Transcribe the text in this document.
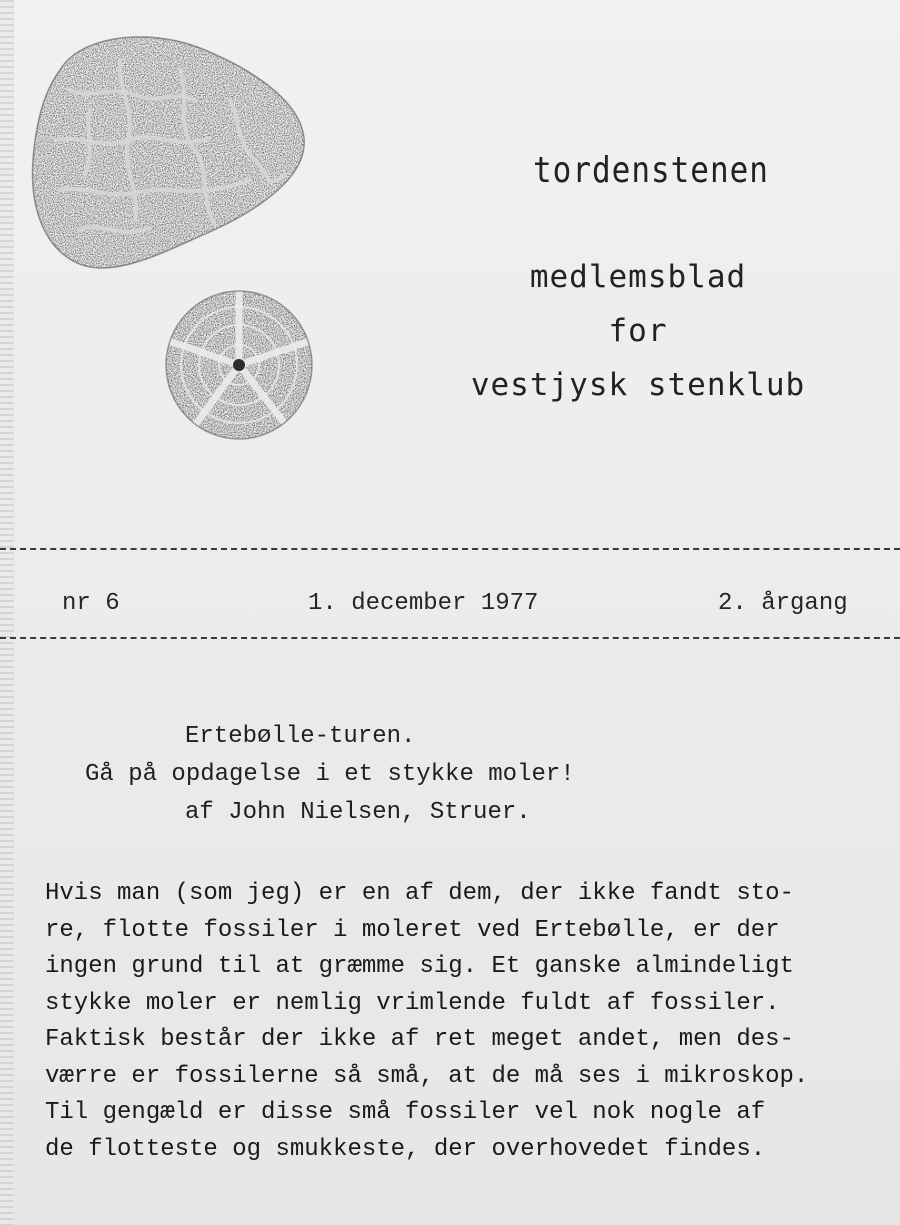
tordenstenen
medlemsblad
for
vestjysk stenklub
nr 6	1. december 1977	2. årgang
Ertebølle-turen.
Gå på opdagelse i et stykke moler!
af John Nielsen, Struer.
Hvis man (som jeg) er en af dem, der ikke fandt sto-
re, flotte fossiler i moleret ved Ertebølle, er der
ingen grund til at græmme sig. Et ganske almindeligt
stykke moler er nemlig vrimlende fuldt af fossiler.
Faktisk består der ikke af ret meget andet, men des-
værre er fossilerne så små, at de må ses i mikroskop.
Til gengæld er disse små fossiler vel nok nogle af
de flotteste og smukkeste, der overhovedet findes.
